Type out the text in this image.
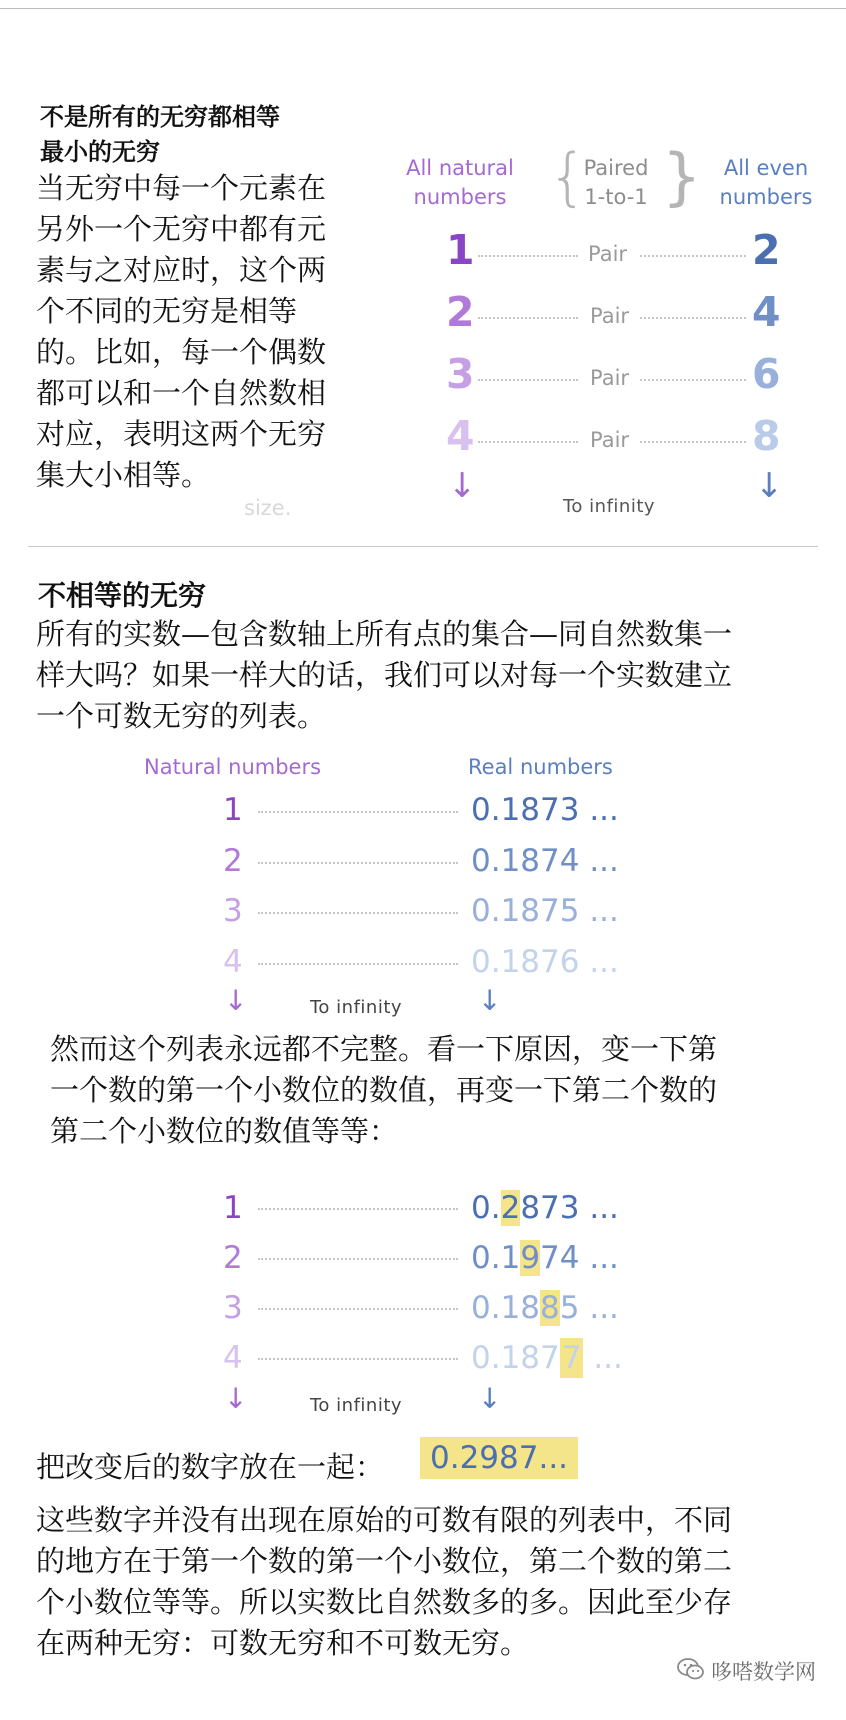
不是所有的无穷都相等
最小的无穷
当无穷中每一个元素在
另外一个无穷中都有元
素与之对应时，这个两
个不同的无穷是相等
的。比如，每一个偶数
都可以和一个自然数相
对应，表明这两个无穷
集大小相等。
size.
All natural
numbers {
Paired
1-to-1 }	All even
numbers
1	Pair	2
2	Pair	4
3	Pair	6
4	Pair	8
↓
To infinity
↓
不相等的无穷
所有的实数—包含数轴上所有点的集合—同自然数集一
样大吗？如果一样大的话，我们可以对每一个实数建立
一个可数无穷的列表。
Natural numbers	Real numbers
1	0.1873 ...
2	0.1874 ...
3	0.1875 ...
4	0.1876 ...
↓	To infinity	↓
然而这个列表永远都不完整。看一下原因，变一下第
一个数的第一个小数位的数值，再变一下第二个数的
第二个小数位的数值等等：
1	0.2873 ...
2	0.1974 ...
3	0.1885 ...
4	0.1877 ...
↓	To infinity	↓
把改变后的数字放在一起：	0.2987...
这些数字并没有出现在原始的可数有限的列表中，不同
的地方在于第一个数的第一个小数位，第二个数的第二
个小数位等等。所以实数比自然数多的多。因此至少存
在两种无穷：可数无穷和不可数无穷。
哆嗒数学网
